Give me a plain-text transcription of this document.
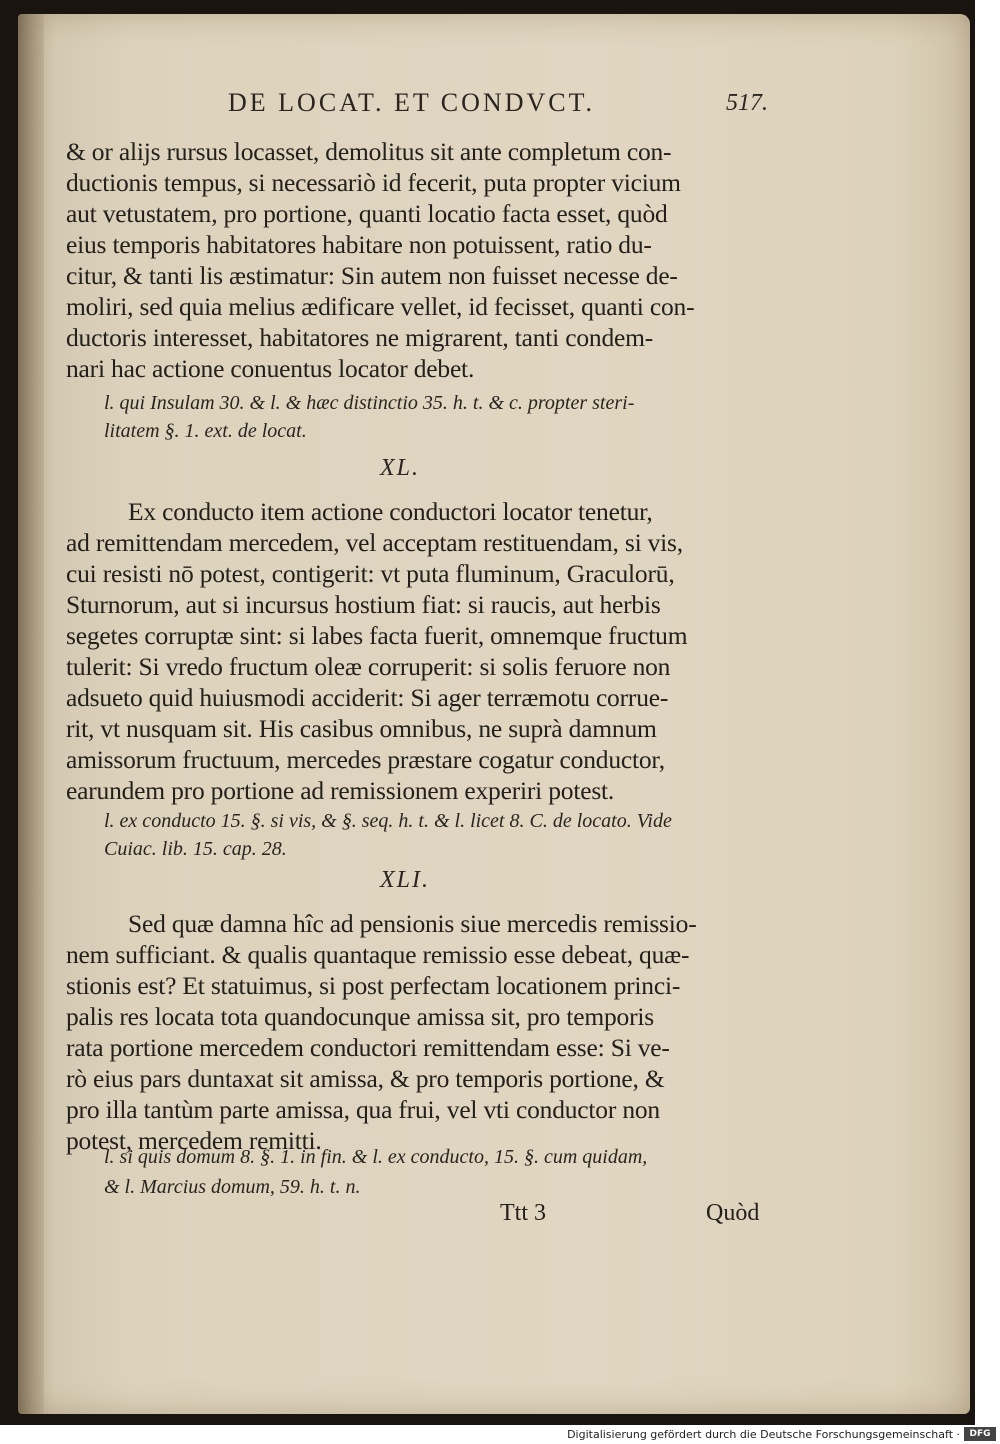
DE LOCAT. ET CONDVCT.	517.
& or alijs rursus locasset, demolitus sit ante completum con-
ductionis tempus, si necessariò id fecerit, puta propter vicium
aut vetustatem, pro portione, quanti locatio facta esset, quòd
eius temporis habitatores habitare non potuissent, ratio du-
citur, & tanti lis æstimatur: Sin autem non fuisset necesse de-
moliri, sed quia melius ædificare vellet, id fecisset, quanti con-
ductoris interesset, habitatores ne migrarent, tanti condem-
nari hac actione conuentus locator debet.
l. qui Insulam 30. & l. & hæc distinctio 35. h. t. & c. propter steri-
litatem §. 1. ext. de locat.
XL.
Ex conducto item actione conductori locator tenetur,
ad remittendam mercedem, vel acceptam restituendam, si vis,
cui resisti nō potest, contigerit: vt puta fluminum, Graculorū,
Sturnorum, aut si incursus hostium fiat: si raucis, aut herbis
segetes corruptæ sint: si labes facta fuerit, omnemque fructum
tulerit: Si vredo fructum oleæ corruperit: si solis feruore non
adsueto quid huiusmodi acciderit: Si ager terræmotu corrue-
rit, vt nusquam sit. His casibus omnibus, ne suprà damnum
amissorum fructuum, mercedes præstare cogatur conductor,
earundem pro portione ad remissionem experiri potest.
l. ex conducto 15. §. si vis, & §. seq. h. t. & l. licet 8. C. de locato. Vide
Cuiac. lib. 15. cap. 28.
XLI.
Sed quæ damna hîc ad pensionis siue mercedis remissio-
nem sufficiant. & qualis quantaque remissio esse debeat, quæ-
stionis est? Et statuimus, si post perfectam locationem princi-
palis res locata tota quandocunque amissa sit, pro temporis
rata portione mercedem conductori remittendam esse: Si ve-
rò eius pars duntaxat sit amissa, & pro temporis portione, &
pro illa tantùm parte amissa, qua frui, vel vti conductor non
potest, mercedem remitti.
l. si quis domum 8. §. 1. in fin. & l. ex conducto, 15. §. cum quidam,
& l. Marcius domum, 59. h. t. n.
Ttt 3	Quòd
Digitalisierung gefördert durch die Deutsche Forschungsgemeinschaft ·	DFG
